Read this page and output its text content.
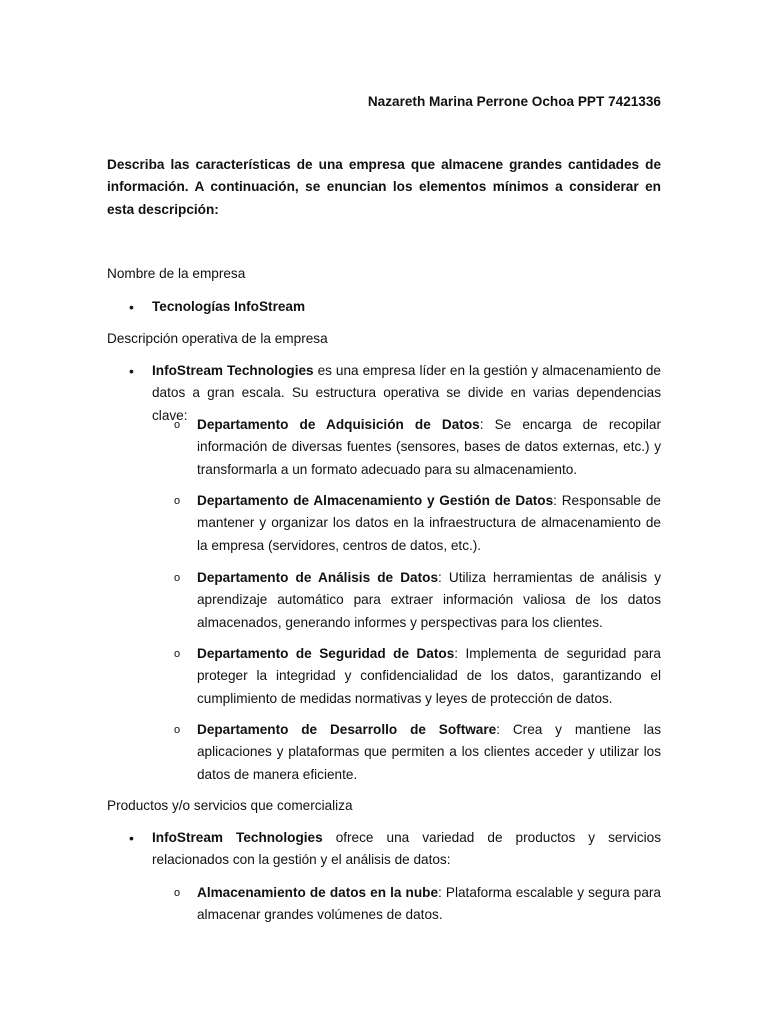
Nazareth Marina Perrone Ochoa PPT 7421336
Describa las características de una empresa que almacene grandes cantidades de información. A continuación, se enuncian los elementos mínimos a considerar en esta descripción:
Nombre de la empresa
• Tecnologías InfoStream
Descripción operativa de la empresa
• InfoStream Technologies es una empresa líder en la gestión y almacenamiento de datos a gran escala. Su estructura operativa se divide en varias dependencias clave:
o Departamento de Adquisición de Datos: Se encarga de recopilar información de diversas fuentes (sensores, bases de datos externas, etc.) y transformarla a un formato adecuado para su almacenamiento.
o Departamento de Almacenamiento y Gestión de Datos: Responsable de mantener y organizar los datos en la infraestructura de almacenamiento de la empresa (servidores, centros de datos, etc.).
o Departamento de Análisis de Datos: Utiliza herramientas de análisis y aprendizaje automático para extraer información valiosa de los datos almacenados, generando informes y perspectivas para los clientes.
o Departamento de Seguridad de Datos: Implementa de seguridad para proteger la integridad y confidencialidad de los datos, garantizando el cumplimiento de medidas normativas y leyes de protección de datos.
o Departamento de Desarrollo de Software: Crea y mantiene las aplicaciones y plataformas que permiten a los clientes acceder y utilizar los datos de manera eficiente.
Productos y/o servicios que comercializa
• InfoStream Technologies ofrece una variedad de productos y servicios relacionados con la gestión y el análisis de datos:
o Almacenamiento de datos en la nube: Plataforma escalable y segura para almacenar grandes volúmenes de datos.
